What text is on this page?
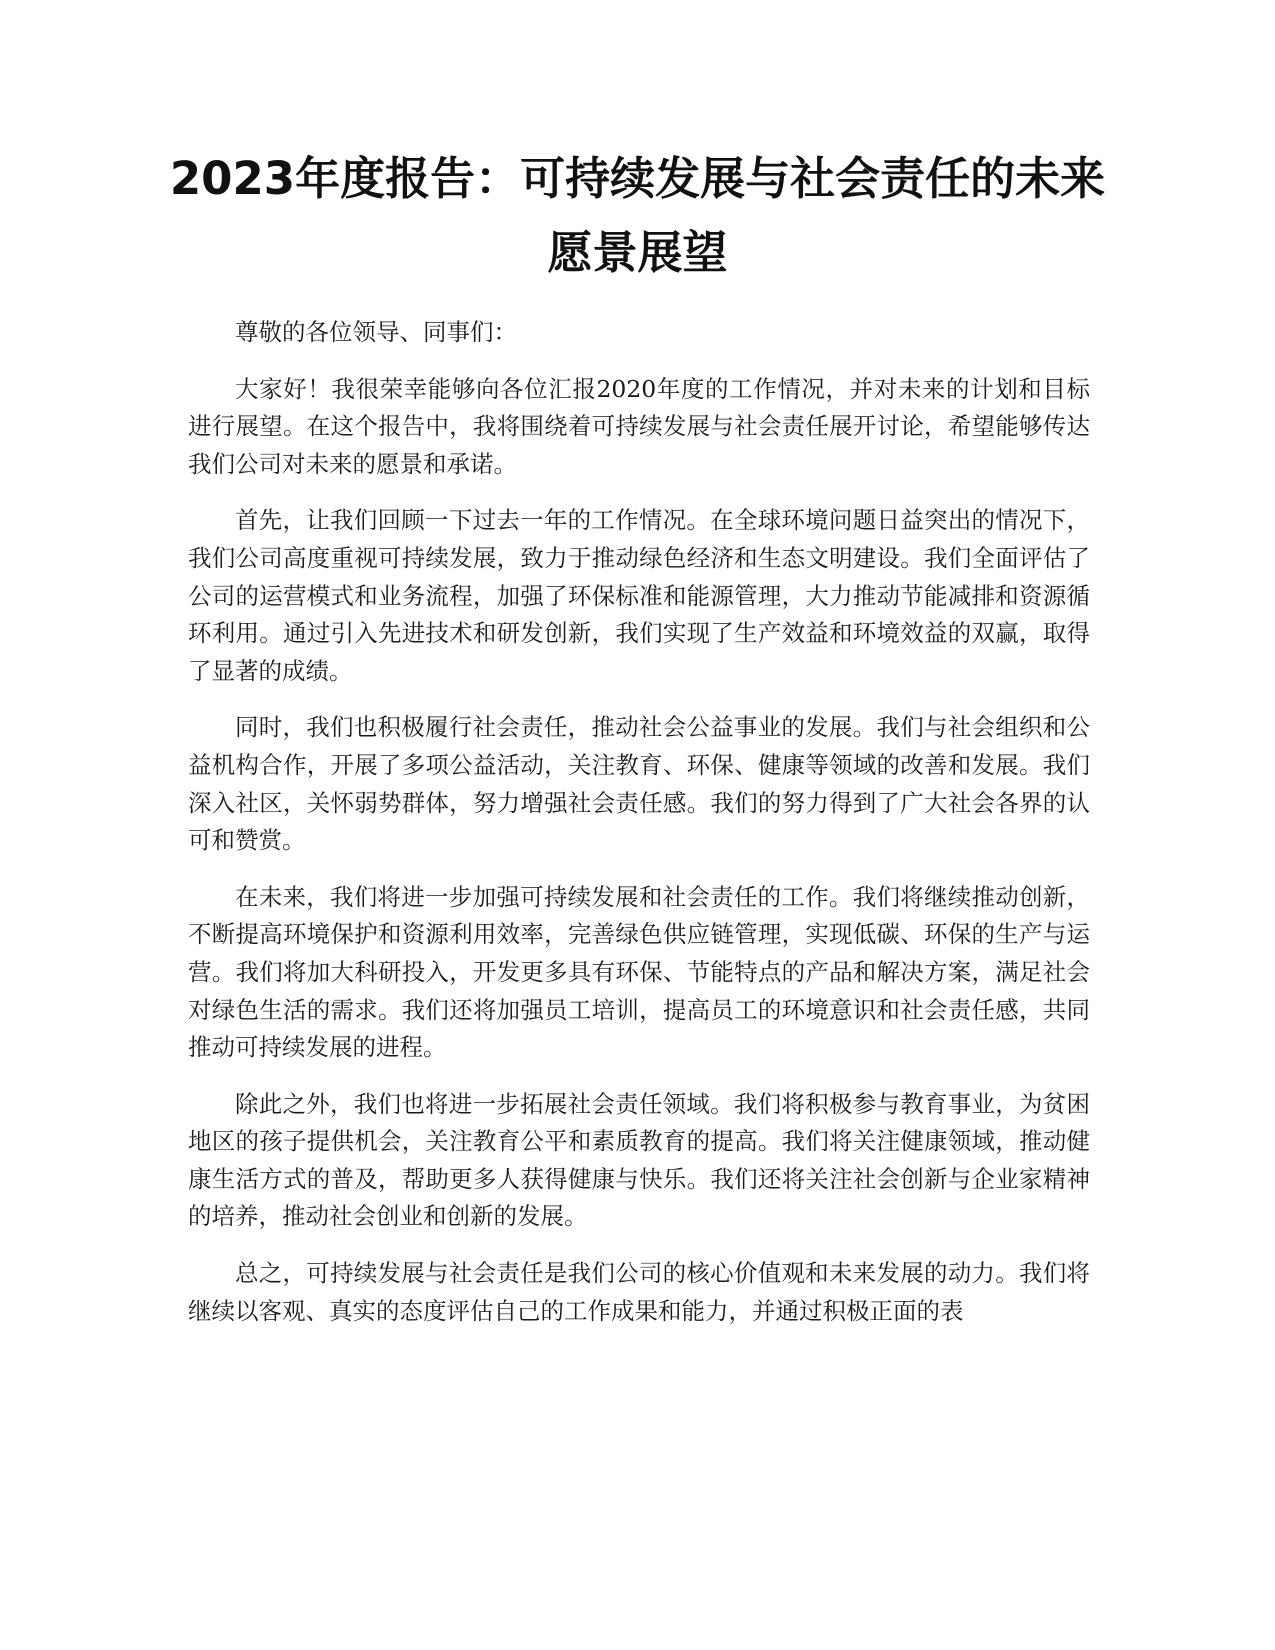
2023年度报告：可持续发展与社会责任的未来愿景展望

尊敬的各位领导、同事们：

大家好！我很荣幸能够向各位汇报2020年度的工作情况，并对未来的计划和目标进行展望。在这个报告中，我将围绕着可持续发展与社会责任展开讨论，希望能够传达我们公司对未来的愿景和承诺。

首先，让我们回顾一下过去一年的工作情况。在全球环境问题日益突出的情况下，我们公司高度重视可持续发展，致力于推动绿色经济和生态文明建设。我们全面评估了公司的运营模式和业务流程，加强了环保标准和能源管理，大力推动节能减排和资源循环利用。通过引入先进技术和研发创新，我们实现了生产效益和环境效益的双赢，取得了显著的成绩。

同时，我们也积极履行社会责任，推动社会公益事业的发展。我们与社会组织和公益机构合作，开展了多项公益活动，关注教育、环保、健康等领域的改善和发展。我们深入社区，关怀弱势群体，努力增强社会责任感。我们的努力得到了广大社会各界的认可和赞赏。

在未来，我们将进一步加强可持续发展和社会责任的工作。我们将继续推动创新，不断提高环境保护和资源利用效率，完善绿色供应链管理，实现低碳、环保的生产与运营。我们将加大科研投入，开发更多具有环保、节能特点的产品和解决方案，满足社会对绿色生活的需求。我们还将加强员工培训，提高员工的环境意识和社会责任感，共同推动可持续发展的进程。

除此之外，我们也将进一步拓展社会责任领域。我们将积极参与教育事业，为贫困地区的孩子提供机会，关注教育公平和素质教育的提高。我们将关注健康领域，推动健康生活方式的普及，帮助更多人获得健康与快乐。我们还将关注社会创新与企业家精神的培养，推动社会创业和创新的发展。

总之，可持续发展与社会责任是我们公司的核心价值观和未来发展的动力。我们将继续以客观、真实的态度评估自己的工作成果和能力，并通过积极正面的表
